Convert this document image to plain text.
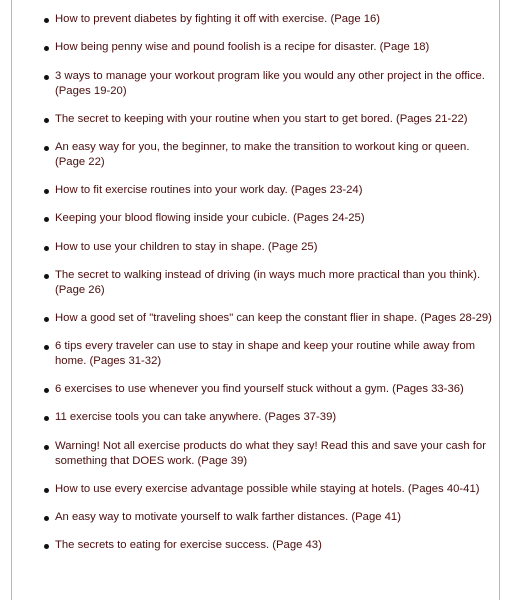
How to prevent diabetes by fighting it off with exercise. (Page 16)
How being penny wise and pound foolish is a recipe for disaster. (Page 18)
3 ways to manage your workout program like you would any other project in the office. (Pages 19-20)
The secret to keeping with your routine when you start to get bored. (Pages 21-22)
An easy way for you, the beginner, to make the transition to workout king or queen. (Page 22)
How to fit exercise routines into your work day. (Pages 23-24)
Keeping your blood flowing inside your cubicle. (Pages 24-25)
How to use your children to stay in shape. (Page 25)
The secret to walking instead of driving (in ways much more practical than you think). (Page 26)
How a good set of "traveling shoes" can keep the constant flier in shape. (Pages 28-29)
6 tips every traveler can use to stay in shape and keep your routine while away from home. (Pages 31-32)
6 exercises to use whenever you find yourself stuck without a gym. (Pages 33-36)
11 exercise tools you can take anywhere. (Pages 37-39)
Warning! Not all exercise products do what they say! Read this and save your cash for something that DOES work. (Page 39)
How to use every exercise advantage possible while staying at hotels. (Pages 40-41)
An easy way to motivate yourself to walk farther distances. (Page 41)
The secrets to eating for exercise success. (Page 43)
